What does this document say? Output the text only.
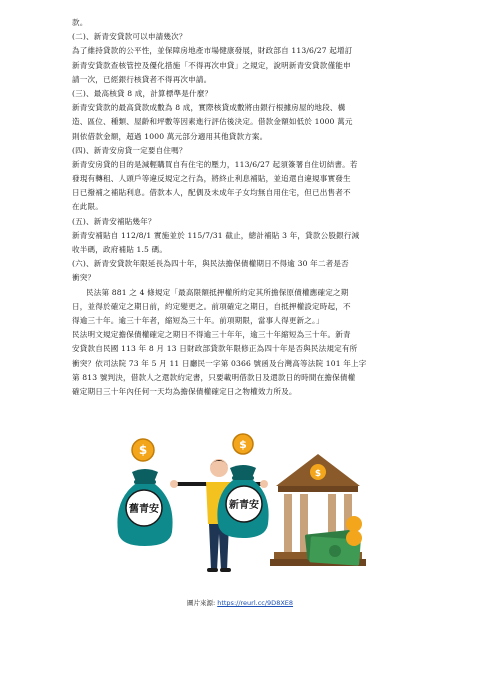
款。
(二)、新青安貸款可以申請幾次？
為了維持貸款的公平性，並保障房地產市場健康發展，財政部自 113/6/27 起增訂
新青安貸款查核管控及優化措施「不得再次申貸」之規定，說明新青安貸款僅能申
請一次，已經銀行核貸者不得再次申請。
(三)、最高核貸 8 成，計算標準是什麼？
新青安貸款的最高貸款成數為 8 成，實際核貸成數將由銀行根據房屋的地段、構
造、區位、種類、屋齡和坪數等因素進行評估後決定。借款金額如低於 1000 萬元
則依借款金額，超過 1000 萬元部分適用其他貸款方案。
(四)、新青安房貸一定要自住嗎？
新青安房貸的目的是減輕購買自有住宅的壓力，113/6/27 起須簽署自住切結書。若
發現有轉租、人頭戶等違反規定之行為，將終止利息補貼，並追還自違規事實發生
日已撥補之補貼利息。借款本人，配偶及未成年子女均無自用住宅，但已出售者不
在此限。
(五)、新青安補貼幾年？
新青安補貼自 112/8/1 實施並於 115/7/31 截止，總計補貼 3 年，貸款公股銀行減
收半碼，政府補貼 1.5 碼。
(六)、新青安貸款年限延長為四十年，與民法擔保債權期日不得逾 30 年二者是否
衝突？
民法第 881 之 4 條規定「最高限額抵押權所約定其所擔保原債權應確定之期
日，並得於確定之期日前，約定變更之。前項確定之期日，自抵押權設定時起，不
得逾三十年。逾三十年者，縮短為三十年。前項期限，當事人得更新之。」
民法明文規定擔保債權確定之期日不得逾三十年年，逾三十年縮短為三十年。新青
安貸款自民國 113 年 8 月 13 日財政部貸款年限修正為四十年是否與民法規定有所
衝突？依司法院 73 年 5 月 11 日廳民一字第 0366 號函及台灣高等法院 101 年上字
第 813 號判決，借款人之還款約定書，只要載明借款日及還款日的時間在擔保債權
確定期日三十年內任何一天均為擔保債權確定日之物權效力所及。
$
舊青安
$
新青安
$
圖片來源: https://reurl.cc/9D8XE8
